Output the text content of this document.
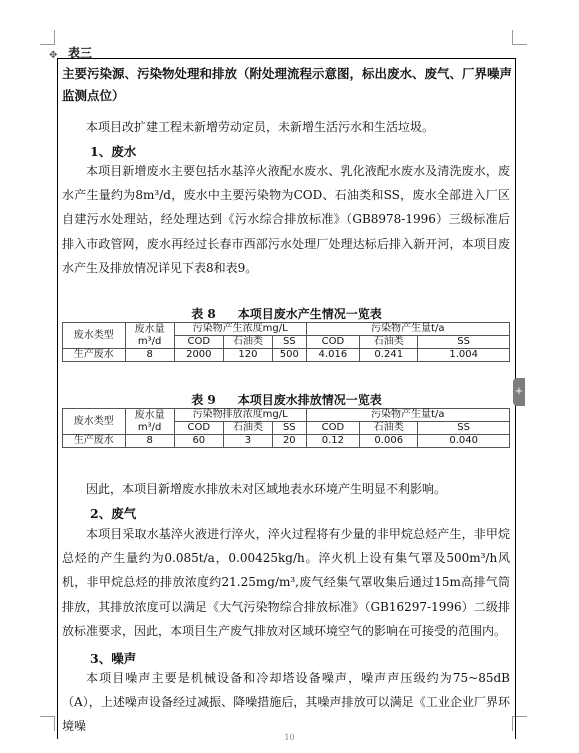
✥ 表三
主要污染源、污染物处理和排放（附处理流程示意图，标出废水、废气、厂界噪声监测点位）
本项目改扩建工程未新增劳动定员，未新增生活污水和生活垃圾。
1、废水
本项目新增废水主要包括水基淬火液配水废水、乳化液配水废水及清洗废水，废水产生量约为8m³/d，废水中主要污染物为COD、石油类和SS，废水全部进入厂区自建污水处理站，经处理达到《污水综合排放标准》（GB8978-1996）三级标准后排入市政管网，废水再经过长春市西部污水处理厂处理达标后排入新开河，本项目废水产生及排放情况详见下表8和表9。
表 8 本项目废水产生情况一览表
废水类型	废水量m³/d	污染物产生浓度mg/L			污染物产生量t/a		
		COD	石油类	SS	COD	石油类	SS
生产废水	8	2000	120	500	4.016	0.241	1.004
表 9 本项目废水排放情况一览表
废水类型	废水量m³/d	污染物排放浓度mg/L			污染物产生量t/a		
		COD	石油类	SS	COD	石油类	SS
生产废水	8	60	3	20	0.12	0.006	0.040
因此，本项目新增废水排放未对区域地表水环境产生明显不利影响。
2、废气
本项目采取水基淬火液进行淬火，淬火过程将有少量的非甲烷总烃产生，非甲烷总烃的产生量约为0.085t/a，0.00425kg/h。淬火机上设有集气罩及500m³/h风机，非甲烷总烃的排放浓度约21.25mg/m³,废气经集气罩收集后通过15m高排气筒排放，其排放浓度可以满足《大气污染物综合排放标准》（GB16297-1996）二级排放标准要求，因此，本项目生产废气排放对区域环境空气的影响在可接受的范围内。
3、噪声
本项目噪声主要是机械设备和冷却塔设备噪声，噪声声压级约为75~85dB（A），上述噪声设备经过减振、降噪措施后，其噪声排放可以满足《工业企业厂界环境噪
+
10
